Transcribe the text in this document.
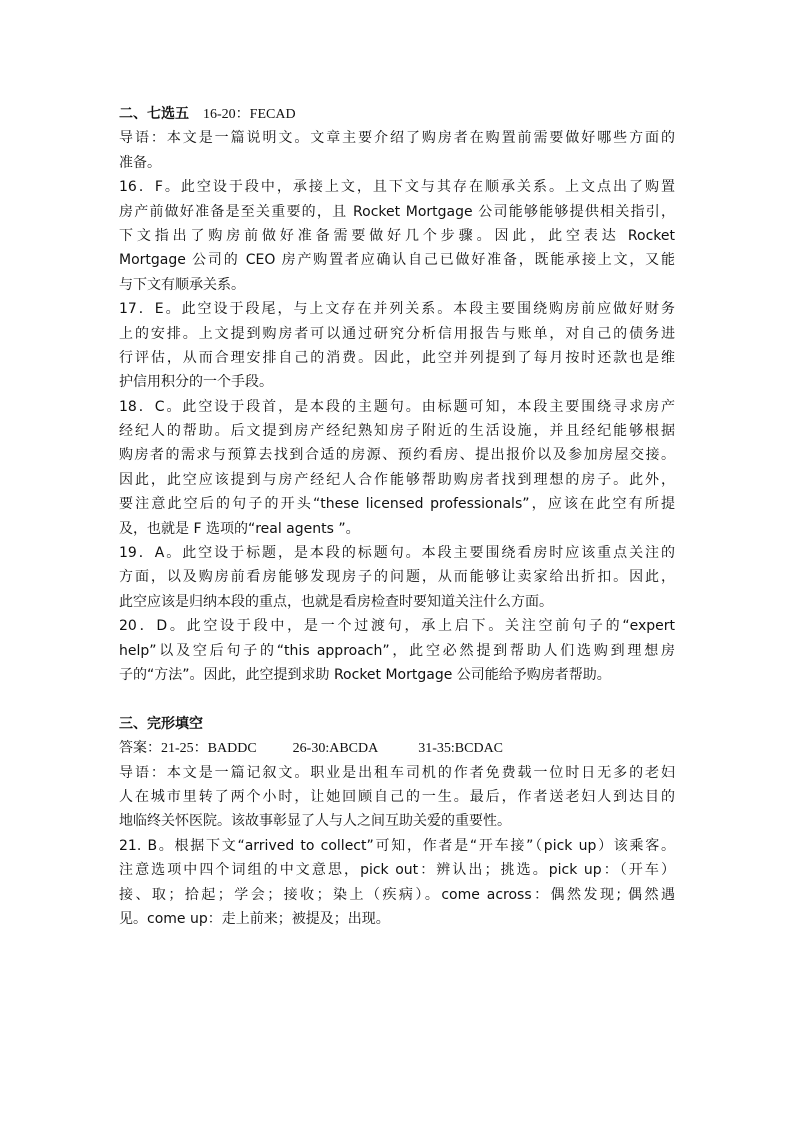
二、七选五 16-20：FECAD
导语：本文是一篇说明文。文章主要介绍了购房者在购置前需要做好哪些方面的
准备。
16．F。此空设于段中，承接上文，且下文与其存在顺承关系。上文点出了购置
房产前做好准备是至关重要的，且 Rocket Mortgage 公司能够能够提供相关指引，
下文指出了购房前做好准备需要做好几个步骤。因此，此空表达 Rocket
Mortgage 公司的 CEO 房产购置者应确认自己已做好准备，既能承接上文，又能
与下文有顺承关系。
17．E。此空设于段尾，与上文存在并列关系。本段主要围绕购房前应做好财务
上的安排。上文提到购房者可以通过研究分析信用报告与账单，对自己的债务进
行评估，从而合理安排自己的消费。因此，此空并列提到了每月按时还款也是维
护信用积分的一个手段。
18．C。此空设于段首，是本段的主题句。由标题可知，本段主要围绕寻求房产
经纪人的帮助。后文提到房产经纪熟知房子附近的生活设施，并且经纪能够根据
购房者的需求与预算去找到合适的房源、预约看房、提出报价以及参加房屋交接。
因此，此空应该提到与房产经纪人合作能够帮助购房者找到理想的房子。此外，
要注意此空后的句子的开头“these licensed professionals”，应该在此空有所提
及，也就是 F 选项的“real agents ”。
19．A。此空设于标题，是本段的标题句。本段主要围绕看房时应该重点关注的
方面，以及购房前看房能够发现房子的问题，从而能够让卖家给出折扣。因此，
此空应该是归纳本段的重点，也就是看房检查时要知道关注什么方面。
20．D。此空设于段中，是一个过渡句，承上启下。关注空前句子的“expert
help”以及空后句子的“this approach”，此空必然提到帮助人们选购到理想房
子的“方法”。因此，此空提到求助 Rocket Mortgage 公司能给予购房者帮助。
三、完形填空
答案：21-25：BADDC	26-30:ABCDA	31-35:BCDAC
导语：本文是一篇记叙文。职业是出租车司机的作者免费载一位时日无多的老妇
人在城市里转了两个小时，让她回顾自己的一生。最后，作者送老妇人到达目的
地临终关怀医院。该故事彰显了人与人之间互助关爱的重要性。
21. B。根据下文“arrived to collect”可知，作者是“开车接”（pick up）该乘客。
注意选项中四个词组的中文意思，pick out：辨认出；挑选。pick up：（开车）
接、取；拾起；学会；接收；染上（疾病）。come across：偶然发现; 偶然遇
见。come up：走上前来；被提及；出现。
